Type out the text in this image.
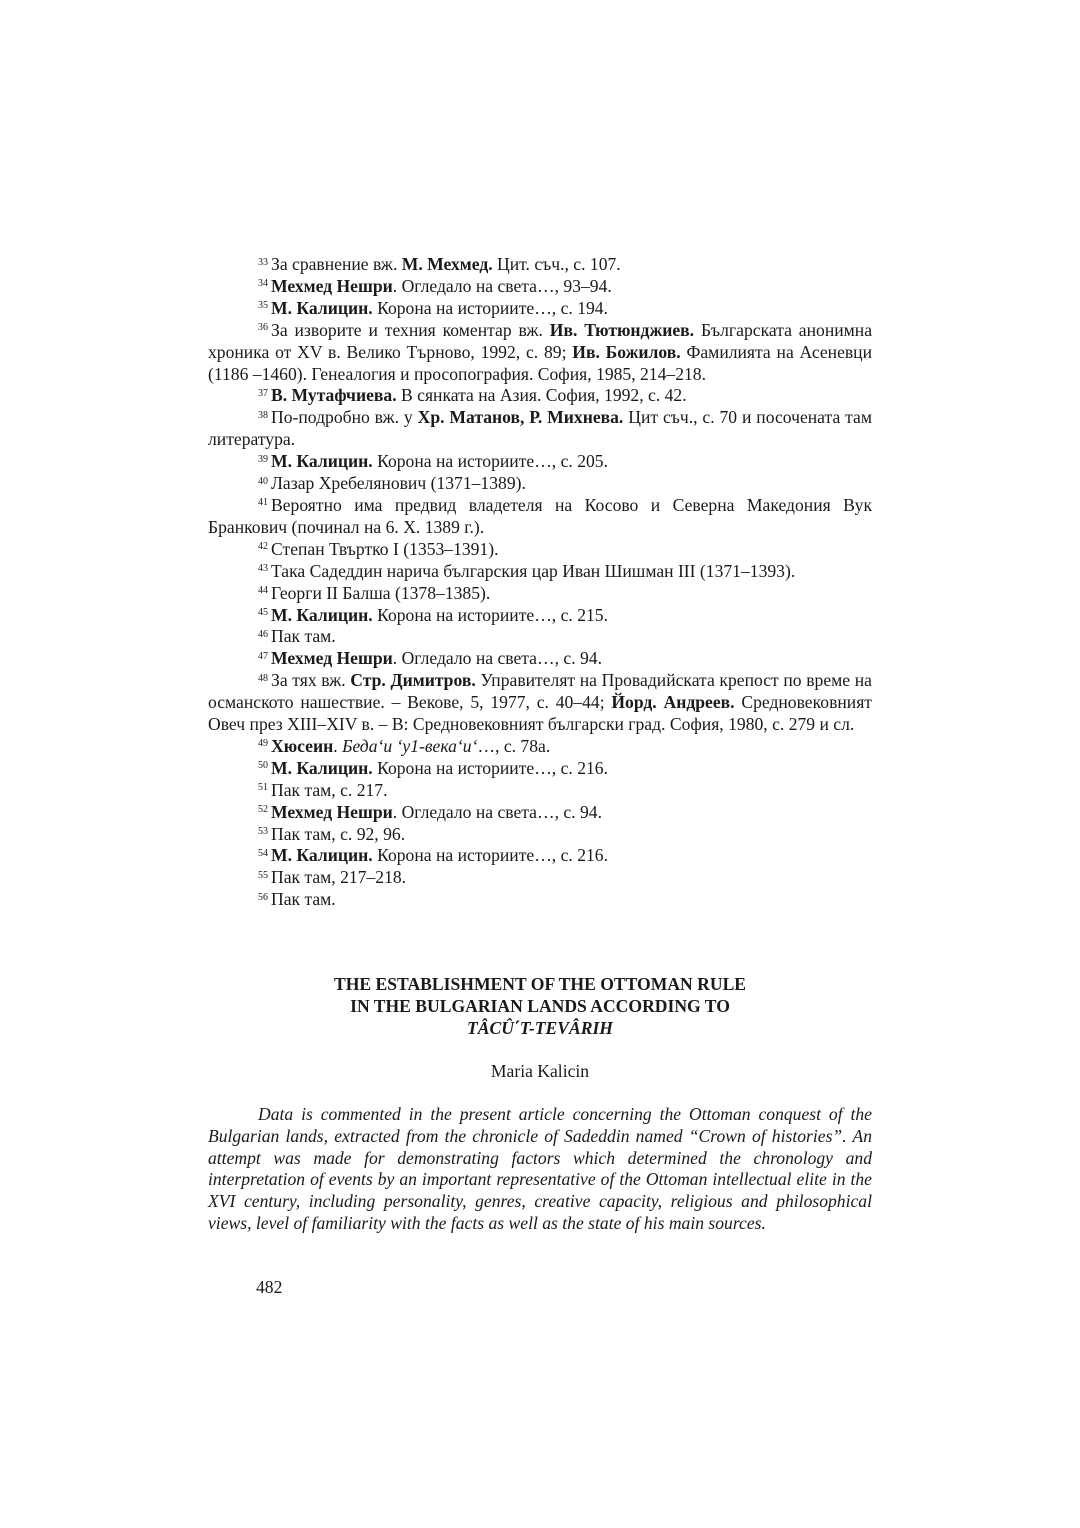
$^{33}$ За сравнение вж. М. Мехмед. Цит. съч., с. 107.

$^{34}$ Мехмед Нешри. Огледало на света…, 93–94.

$^{35}$ М. Калицин. Корона на историите…, с. 194.

$^{36}$ За изворите и техния коментар вж. Ив. Тютюнджиев. Българската анонимна хроника от XV в. Велико Търново, 1992, с. 89; Ив. Божилов. Фамилията на Асеневци (1186 –1460). Генеалогия и просопография. София, 1985, 214–218.

$^{37}$ В. Мутафчиева. В сянката на Азия. София, 1992, с. 42.

$^{38}$ По-подробно вж. у Хр. Матанов, Р. Михнева. Цит съч., с. 70 и посочената там литература.

$^{39}$ М. Калицин. Корона на историите…, с. 205.

$^{40}$ Лазар Хребелянович (1371–1389).

$^{41}$ Вероятно има предвид владетеля на Косово и Северна Македония Вук Бранкович (починал на 6. X. 1389 г.).

$^{42}$ Степан Твъртко I (1353–1391).

$^{43}$ Така Садеддин нарича българския цар Иван Шишман III (1371–1393).

$^{44}$ Георги II Балша (1378–1385).

$^{45}$ М. Калицин. Корона на историите…, с. 215.

$^{46}$ Пак там.

$^{47}$ Мехмед Нешри. Огледало на света…, с. 94.

$^{48}$ За тях вж. Стр. Димитров. Управителят на Провадийската крепост по време на османското нашествие. – Векове, 5, 1977, с. 40–44; Йорд. Андреев. Средновековният Овеч през XIII–XIV в. – В: Средновековният български град. София, 1980, с. 279 и сл.

$^{49}$ Хюсеин. Беда‘и ‘у1-века‘и‘…, с. 78а.

$^{50}$ М. Калицин. Корона на историите…, с. 216.

$^{51}$ Пак там, с. 217.

$^{52}$ Мехмед Нешри. Огледало на света…, с. 94.

$^{53}$ Пак там, с. 92, 96.

$^{54}$ М. Калицин. Корона на историите…, с. 216.

$^{55}$ Пак там, 217–218.

$^{56}$ Пак там.

THE ESTABLISHMENT OF THE OTTOMAN RULE
IN THE BULGARIAN LANDS ACCORDING TO
TÂCÛ΄T-TEVÂRIH
Maria Kalicin

Data is commented in the present article concerning the Ottoman conquest of the Bulgarian lands, extracted from the chronicle of Sadeddin named “Crown of histories”. An attempt was made for demonstrating factors which determined the chronology and interpretation of events by an important representative of the Ottoman intellectual elite in the XVI century, including personality, genres, creative capacity, religious and philosophical views, level of familiarity with the facts as well as the state of his main sources.

482
